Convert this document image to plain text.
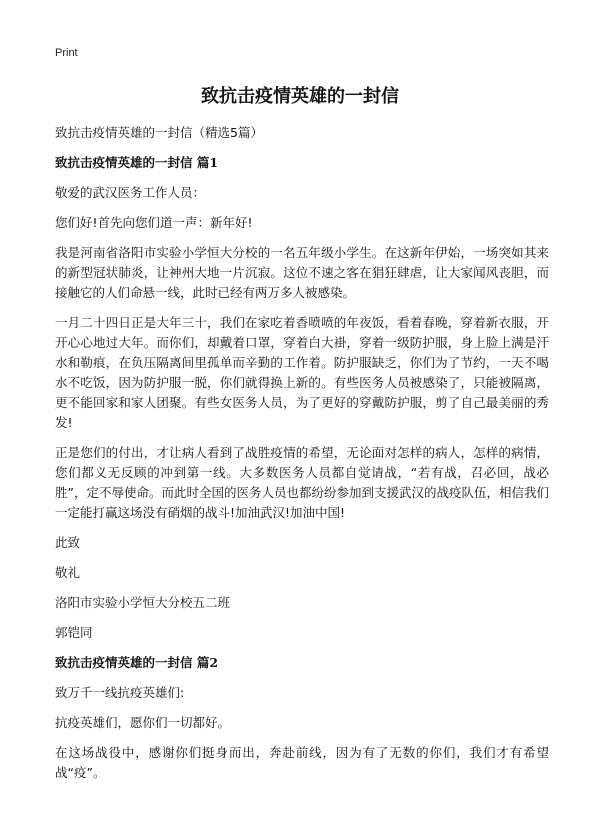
Print
致抗击疫情英雄的一封信

致抗击疫情英雄的一封信（精选5篇）

致抗击疫情英雄的一封信 篇1

敬爱的武汉医务工作人员：

您们好!首先向您们道一声：新年好!

我是河南省洛阳市实验小学恒大分校的一名五年级小学生。在这新年伊始，一场突如其来的新型冠状肺炎，让神州大地一片沉寂。这位不速之客在猖狂肆虐，让大家闻风丧胆，而接触它的人们命悬一线，此时已经有两万多人被感染。

一月二十四日正是大年三十，我们在家吃着香喷喷的年夜饭，看着春晚，穿着新衣服，开开心心地过大年。而你们，却戴着口罩，穿着白大褂，穿着一级防护服，身上脸上满是汗水和勒痕，在负压隔离间里孤单而辛勤的工作着。防护服缺乏，你们为了节约，一天不喝水不吃饭，因为防护服一脱，你们就得换上新的。有些医务人员被感染了，只能被隔离，更不能回家和家人团聚。有些女医务人员，为了更好的穿戴防护服，剪了自己最美丽的秀发!

正是您们的付出，才让病人看到了战胜疫情的希望，无论面对怎样的病人，怎样的病情，您们都义无反顾的冲到第一线。大多数医务人员都自觉请战，“若有战，召必回，战必胜”，定不辱使命。而此时全国的医务人员也都纷纷参加到支援武汉的战疫队伍，相信我们一定能打赢这场没有硝烟的战斗!加油武汉!加油中国!

此致

敬礼

洛阳市实验小学恒大分校五二班

郭铠同

致抗击疫情英雄的一封信 篇2

致万千一线抗疫英雄们:

抗疫英雄们，愿你们一切都好。

在这场战役中，感谢你们挺身而出，奔赴前线，因为有了无数的你们，我们才有希望战“疫”。
